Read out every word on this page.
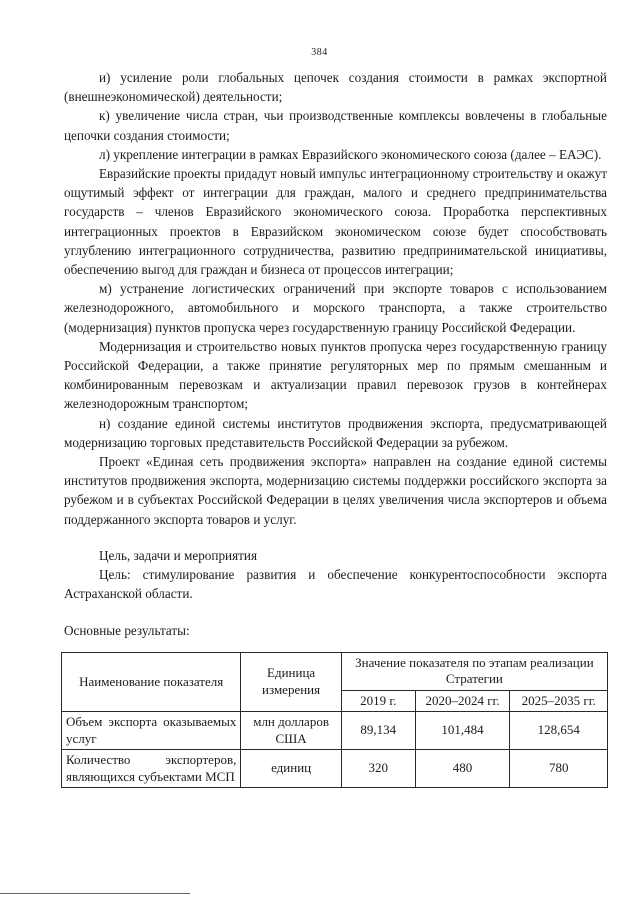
384

и) усиление роли глобальных цепочек создания стоимости в рамках экспортной (внешнеэкономической) деятельности;

к) увеличение числа стран, чьи производственные комплексы вовлечены в глобальные цепочки создания стоимости;

л) укрепление интеграции в рамках Евразийского экономического союза (далее – ЕАЭС).

Евразийские проекты придадут новый импульс интеграционному строительству и окажут ощутимый эффект от интеграции для граждан, малого и среднего предпринимательства государств – членов Евразийского экономического союза. Проработка перспективных интеграционных проектов в Евразийском экономическом союзе будет способствовать углублению интеграционного сотрудничества, развитию предпринимательской инициативы, обеспечению выгод для граждан и бизнеса от процессов интеграции;

м) устранение логистических ограничений при экспорте товаров с использованием железнодорожного, автомобильного и морского транспорта, а также строительство (модернизация) пунктов пропуска через государственную границу Российской Федерации.

Модернизация и строительство новых пунктов пропуска через государственную границу Российской Федерации, а также принятие регуляторных мер по прямым смешанным и комбинированным перевозкам и актуализации правил перевозок грузов в контейнерах железнодорожным транспортом;

н) создание единой системы институтов продвижения экспорта, предусматривающей модернизацию торговых представительств Российской Федерации за рубежом.

Проект «Единая сеть продвижения экспорта» направлен на создание единой системы институтов продвижения экспорта, модернизацию системы поддержки российского экспорта за рубежом и в субъектах Российской Федерации в целях увеличения числа экспортеров и объема поддержанного экспорта товаров и услуг.

Цель, задачи и мероприятия

Цель: стимулирование развития и обеспечение конкурентоспособности экспорта Астраханской области.

Основные результаты:

Наименование показателя	Единица измерения	Значение показателя по этапам реализации Стратегии		
		2019 г.	2020–2024 гг.	2025–2035 гг.
Объем экспорта оказываемых услуг	млн долларов США	89,134	101,484	128,654
Количество экспортеров, являющихся субъектами МСП	единиц	320	480	780
